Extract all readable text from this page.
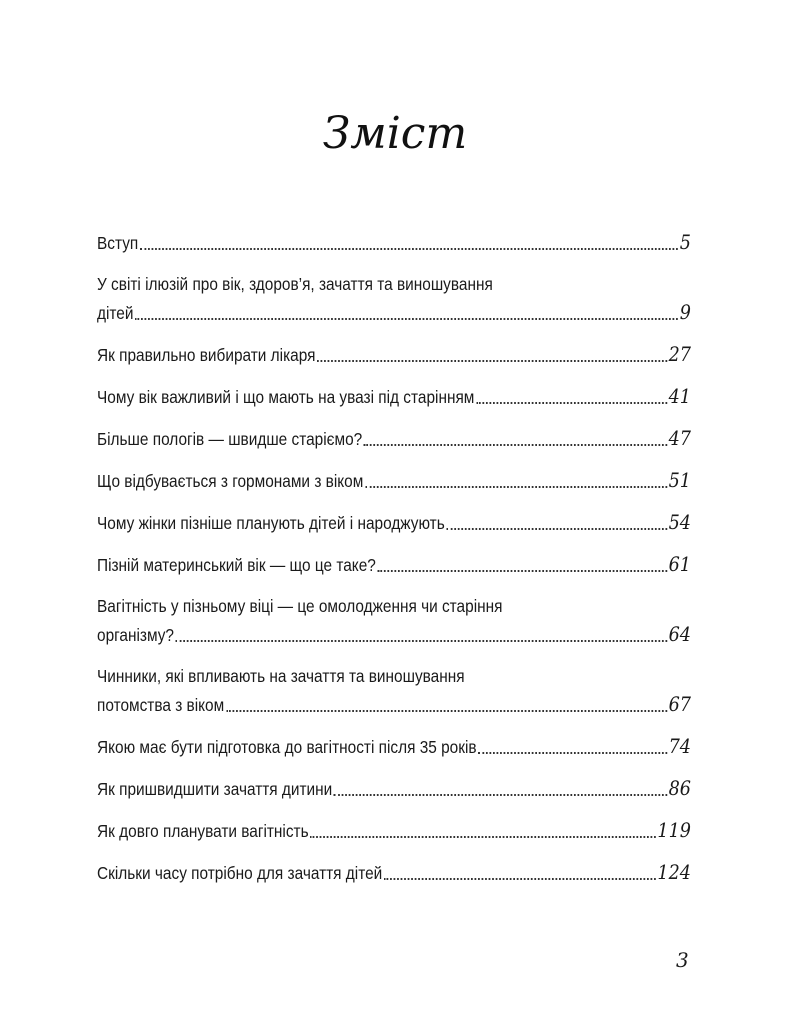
Зміст
Вступ	5
У світі ілюзій про вік, здоров’я, зачаття та виношування
дітей	9
Як правильно вибирати лікаря	27
Чому вік важливий і що мають на увазі під старінням	41
Більше пологів — швидше старіємо?	47
Що відбувається з гормонами з віком	51
Чому жінки пізніше планують дітей і народжують	54
Пізній материнський вік — що це таке?	61
Вагітність у пізньому віці — це омолодження чи старіння
організму?	64
Чинники, які впливають на зачаття та виношування
потомства з віком	67
Якою має бути підготовка до вагітності після 35 років	74
Як пришвидшити зачаття дитини	86
Як довго планувати вагітність	119
Скільки часу потрібно для зачаття дітей	124
3
